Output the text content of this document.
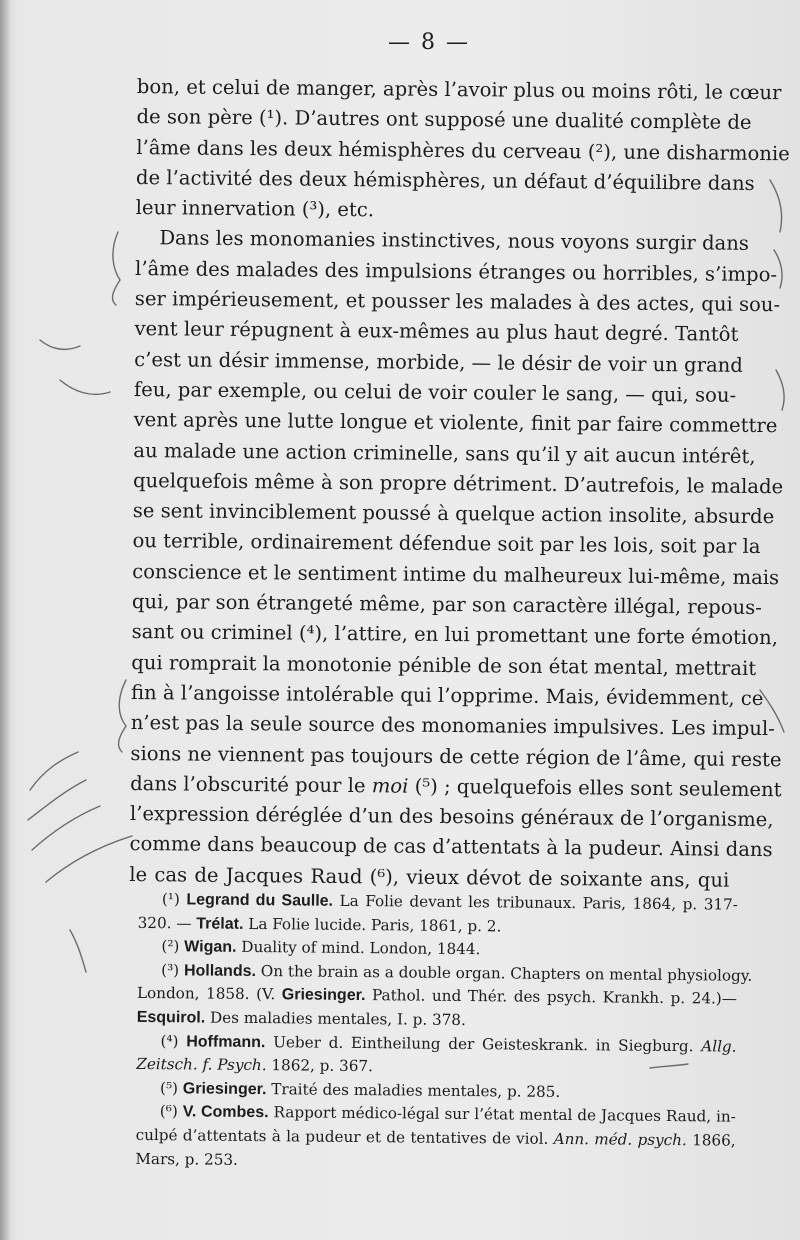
— 8 —
bon, et celui de manger, après l’avoir plus ou moins rôti, le cœur
de son père (¹). D’autres ont supposé une dualité complète de
l’âme dans les deux hémisphères du cerveau (²), une disharmonie
de l’activité des deux hémisphères, un défaut d’équilibre dans
leur innervation (³), etc.
Dans les monomanies instinctives, nous voyons surgir dans
l’âme des malades des impulsions étranges ou horribles, s’impo-
ser impérieusement, et pousser les malades à des actes, qui sou-
vent leur répugnent à eux-mêmes au plus haut degré. Tantôt
c’est un désir immense, morbide, — le désir de voir un grand
feu, par exemple, ou celui de voir couler le sang, — qui, sou-
vent après une lutte longue et violente, finit par faire commettre
au malade une action criminelle, sans qu’il y ait aucun intérêt,
quelquefois même à son propre détriment. D’autrefois, le malade
se sent invinciblement poussé à quelque action insolite, absurde
ou terrible, ordinairement défendue soit par les lois, soit par la
conscience et le sentiment intime du malheureux lui-même, mais
qui, par son étrangeté même, par son caractère illégal, repous-
sant ou criminel (⁴), l’attire, en lui promettant une forte émotion,
qui romprait la monotonie pénible de son état mental, mettrait
fin à l’angoisse intolérable qui l’opprime. Mais, évidemment, ce
n’est pas la seule source des monomanies impulsives. Les impul-
sions ne viennent pas toujours de cette région de l’âme, qui reste
dans l’obscurité pour le moi (⁵) ; quelquefois elles sont seulement
l’expression déréglée d’un des besoins généraux de l’organisme,
comme dans beaucoup de cas d’attentats à la pudeur. Ainsi dans
le cas de Jacques Raud (⁶), vieux dévot de soixante ans, qui
(¹) Legrand du Saulle. La Folie devant les tribunaux. Paris, 1864, p. 317-
320. — Trélat. La Folie lucide. Paris, 1861, p. 2.
(²) Wigan. Duality of mind. London, 1844.
(³) Hollands. On the brain as a double organ. Chapters on mental physiology.
London, 1858. (V. Griesinger. Pathol. und Thér. des psych. Krankh. p. 24.)—
Esquirol. Des maladies mentales, I. p. 378.
(⁴) Hoffmann. Ueber d. Eintheilung der Geisteskrank. in Siegburg. Allg.
Zeitsch. f. Psych. 1862, p. 367.
(⁵) Griesinger. Traité des maladies mentales, p. 285.
(⁶) V. Combes. Rapport médico-légal sur l’état mental de Jacques Raud, in-
culpé d’attentats à la pudeur et de tentatives de viol. Ann. méd. psych. 1866,
Mars, p. 253.
